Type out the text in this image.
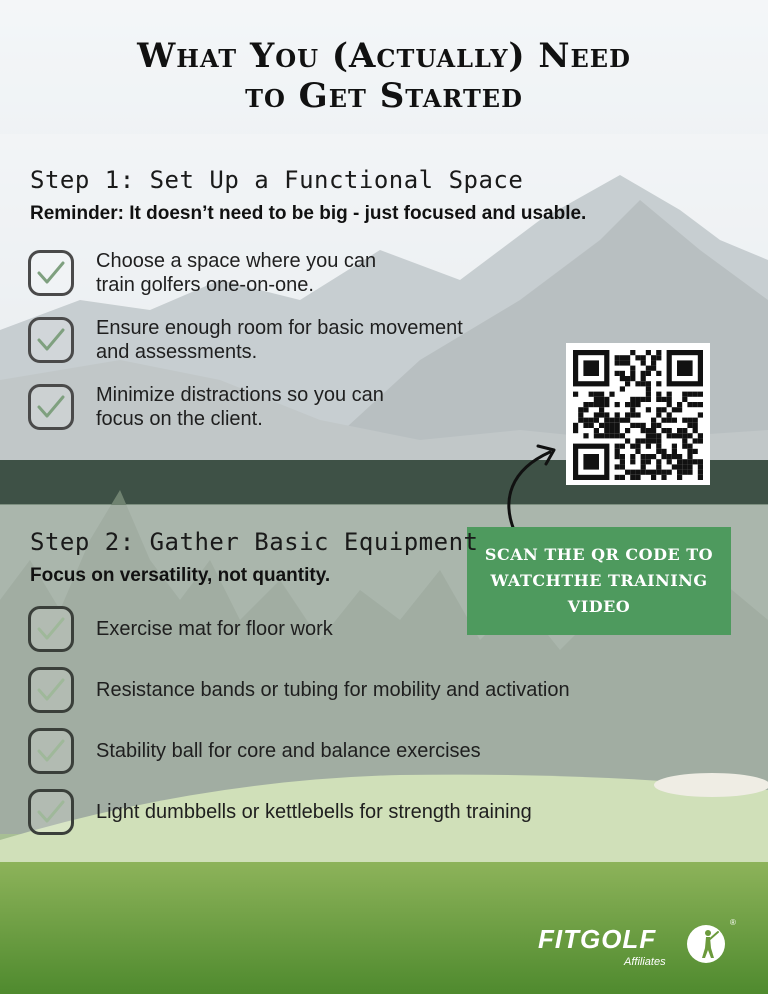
What You (Actually) Need
to Get Started
Step 1: Set Up a Functional Space
Reminder: It doesn’t need to be big - just focused and usable.
Choose a space where you can
train golfers one-on-one.
Ensure enough room for basic movement
and assessments.
Minimize distractions so you can
focus on the client.
SCAN THE QR CODE TO WATCHTHE TRAINING VIDEO
Step 2: Gather Basic Equipment
Focus on versatility, not quantity.
Exercise mat for floor work
Resistance bands or tubing for mobility and activation
Stability ball for core and balance exercises
Light dumbbells or kettlebells for strength training
FITGOLF
Affiliates
®
